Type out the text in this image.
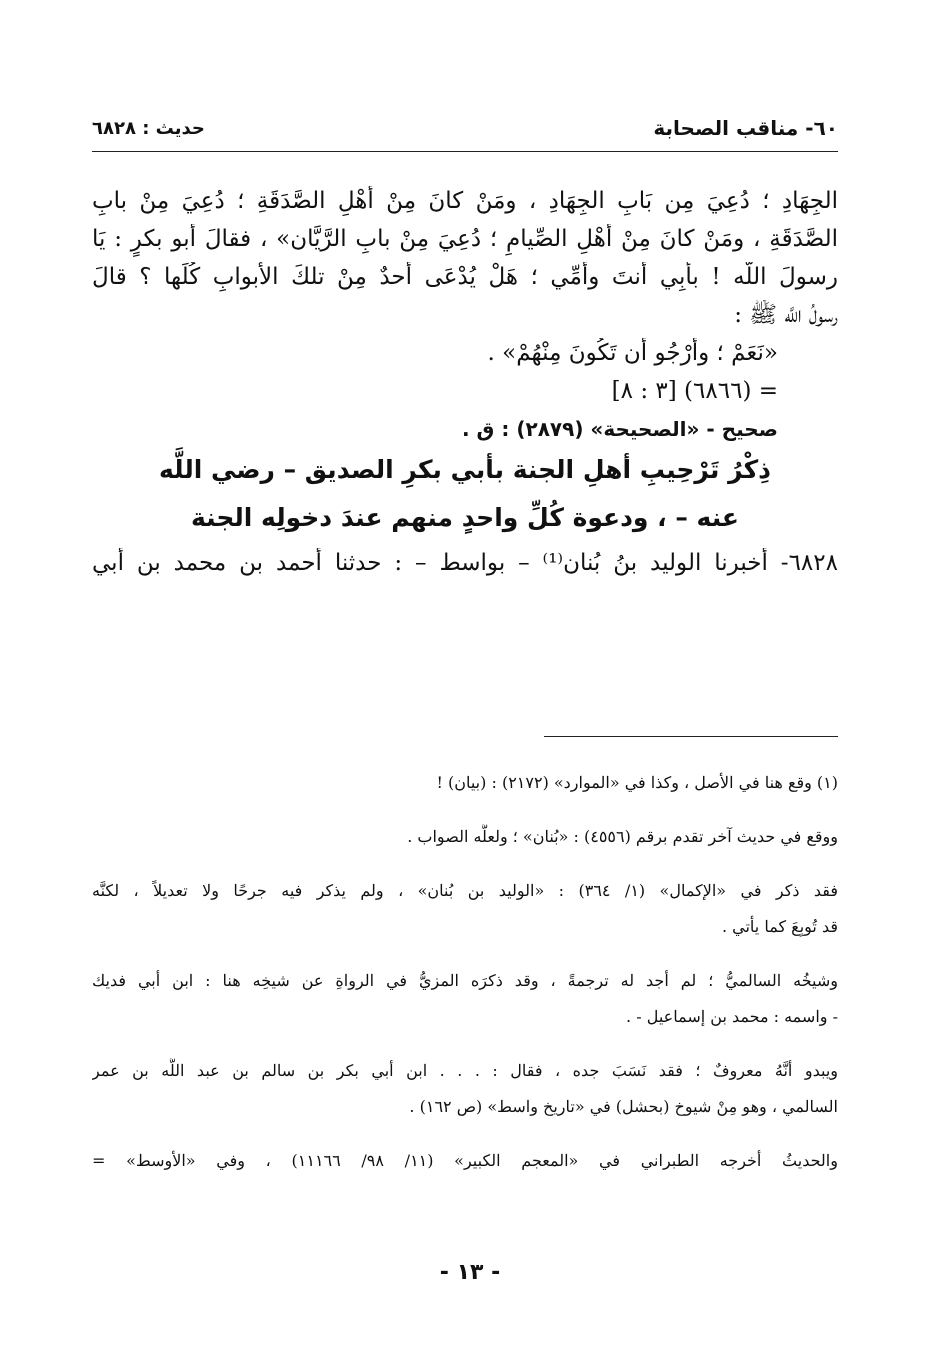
حديث : ٦٨٢٨	٦٠- مناقب الصحابة
الجِهَادِ ؛ دُعِيَ مِن بَابِ الجِهَادِ ، ومَنْ كانَ مِنْ أَهْلِ الصَّدَقَةِ ؛ دُعِيَ مِنْ بابِ
الصَّدَقَةِ ، ومَنْ كانَ مِنْ أَهْلِ الصِّيامِ ؛ دُعِيَ مِنْ بابِ الرَّيَّان» ، فقالَ أبو بكرٍ : يَا
رسولَ اللَّه ! بأبِي أنتَ وأُمِّي ؛ هَلْ يُدْعَى أحدٌ مِنْ تلكَ الأبوابِ كُلِّها ؟ قالَ
رسولُ اللَّه ﷺ :
«نَعَمْ ؛ وأَرْجُو أَن تَكُونَ مِنْهُمْ» .
= (٦٨٦٦) [٣ : ٨]
صحيح - «الصحيحة» (٢٨٧٩) : ق .
ذِكْرُ تَرْحِيبِ أهلِ الجنة بأبي بكرِ الصديق – رضي اللَّه
عنه – ، ودعوة كُلِّ واحدٍ منهم عندَ دخولِه الجنة
٦٨٢٨- أخبرنا الوليد بنُ بُنان⁽¹⁾ – بواسط – : حدثنا أحمد بن محمد بن أبي
(١) وقع هنا في الأصل ، وكذا في «الموارد» (٢١٧٢) : (بيان) !
ووقع في حديث آخر تقدم برقم (٤٥٥٦) : «بُنان» ؛ ولعلَّه الصواب .
فقد ذكر في «الإكمال» (١/ ٣٦٤) : «الوليد بن بُنان» ، ولم يذكر فيه جرحًا ولا تعديلاً ، لكنَّه
قد تُوبِعَ كما يأتي .
وشيخُه السالميُّ ؛ لم أجد له ترجمةً ، وقد ذكرَه المزيُّ في الرواةِ عن شيخِه هنا : ابن أبي فديك
- واسمه : محمد بن إسماعيل - .
ويبدو أنَّهُ معروفٌ ؛ فقد نَسَبَ جده ، فقال : . . . ابن أبي بكر بن سالم بن عبد اللَّه بن عمر
السالمي ، وهو مِنْ شيوخ (بحشل) في «تاريخ واسط» (ص ١٦٢) .
والحديثُ أخرجه الطبراني في «المعجم الكبير» (١١/ ٩٨/ ١١١٦٦) ، وفي «الأوسط» =
- ١٣ -
